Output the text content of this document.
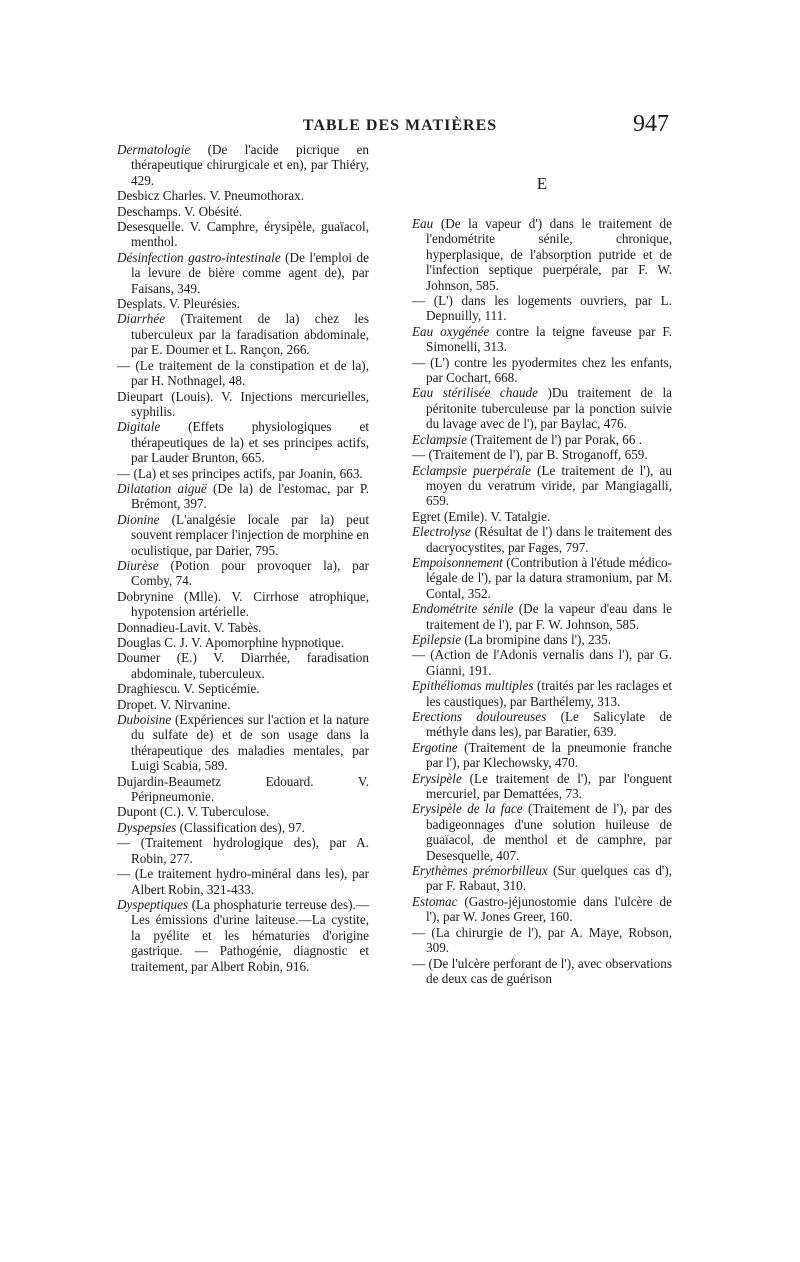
TABLE DES MATIÈRES	947

Dermatologie (De l'acide picrique en thérapeutique chirurgicale et en), par Thiéry, 429.

Desbicz Charles. V. Pneumothorax.

Deschamps. V. Obésité.

Desesquelle. V. Camphre, érysipèle, guaïacol, menthol.

Désinfection gastro-intestinale (De l'emploi de la levure de bière comme agent de), par Faisans, 349.

Desplats. V. Pleurésies.

Diarrhée (Traitement de la) chez les tuberculeux par la faradisation abdominale, par E. Doumer et L. Rançon, 266.

— (Le traitement de la constipation et de la), par H. Nothnagel, 48.

Dieupart (Louis). V. Injections mercurielles, syphilis.

Digitale (Effets physiologiques et thérapeutiques de la) et ses principes actifs, par Lauder Brunton, 665.

— (La) et ses principes actifs, par Joanin, 663.

Dilatation aiguë (De la) de l'estomac, par P. Brémont, 397.

Dionine (L'analgésie locale par la) peut souvent remplacer l'injection de morphine en oculistique, par Darier, 795.

Diurèse (Potion pour provoquer la), par Comby, 74.

Dobrynine (Mlle). V. Cirrhose atrophique, hypotension artérielle.

Donnadieu-Lavit. V. Tabès.

Douglas C. J. V. Apomorphine hypnotique.

Doumer (E.) V. Diarrhée, faradisation abdominale, tuberculeux.

Draghiescu. V. Septicémie.

Dropet. V. Nirvanine.

Duboisine (Expériences sur l'action et la nature du sulfate de) et de son usage dans la thérapeutique des maladies mentales, par Luigi Scabia, 589.

Dujardin-Beaumetz Edouard. V. Péripneumonie.

Dupont (C.). V. Tuberculose.

Dyspepsies (Classification des), 97.

— (Traitement hydrologique des), par A. Robin, 277.

— (Le traitement hydro-minéral dans les), par Albert Robin, 321-433.

Dyspeptiques (La phosphaturie terreuse des).—Les émissions d'urine laiteuse.—La cystite, la pyélite et les hématuries d'origine gastrique. — Pathogénie, diagnostic et traitement, par Albert Robin, 916.

E

Eau (De la vapeur d') dans le traitement de l'endométrite sénile, chronique, hyperplasique, de l'absorption putride et de l'infection septique puerpérale, par F. W. Johnson, 585.

— (L') dans les logements ouvriers, par L. Depnuilly, 111.

Eau oxygénée contre la teigne faveuse par F. Simonelli, 313.

— (L') contre les pyodermites chez les enfants, par Cochart, 668.

Eau stérilisée chaude )Du traitement de la péritonite tuberculeuse par la ponction suivie du lavage avec de l'), par Baylac, 476.

Eclampsie (Traitement de l') par Porak, 66 .

— (Traitement de l'), par B. Stroganoff, 659.

Eclampsie puerpérale (Le traitement de l'), au moyen du veratrum viride, par Mangiagalli, 659.

Egret (Emile). V. Tatalgie.

Electrolyse (Résultat de l') dans le traitement des dacryocystites, par Fages, 797.

Empoisonnement (Contribution à l'étude médico-légale de l'), par la datura stramonium, par M. Contal, 352.

Endométrite sénile (De la vapeur d'eau dans le traitement de l'), par F. W. Johnson, 585.

Epilepsie (La bromipine dans l'), 235.

— (Action de l'Adonis vernalis dans l'), par G. Gianni, 191.

Epithéliomas multiples (traités par les raclages et les caustiques), par Barthélemy, 313.

Erections douloureuses (Le Salicylate de méthyle dans les), par Baratier, 639.

Ergotine (Traitement de la pneumonie franche par l'), par Klechowsky, 470.

Erysipèle (Le traitement de l'), par l'onguent mercuriel, par Demattées, 73.

Erysipèle de la face (Traitement de l'), par des badigeonnages d'une solution huileuse de guaïacol, de menthol et de camphre, par Desesquelle, 407.

Erythèmes prémorbilleux (Sur quelques cas d'), par F. Rabaut, 310.

Estomac (Gastro-jéjunostomie dans l'ulcère de l'), par W. Jones Greer, 160.

— (La chirurgie de l'), par A. Maye, Robson, 309.

— (De l'ulcère perforant de l'), avec observations de deux cas de guérison
